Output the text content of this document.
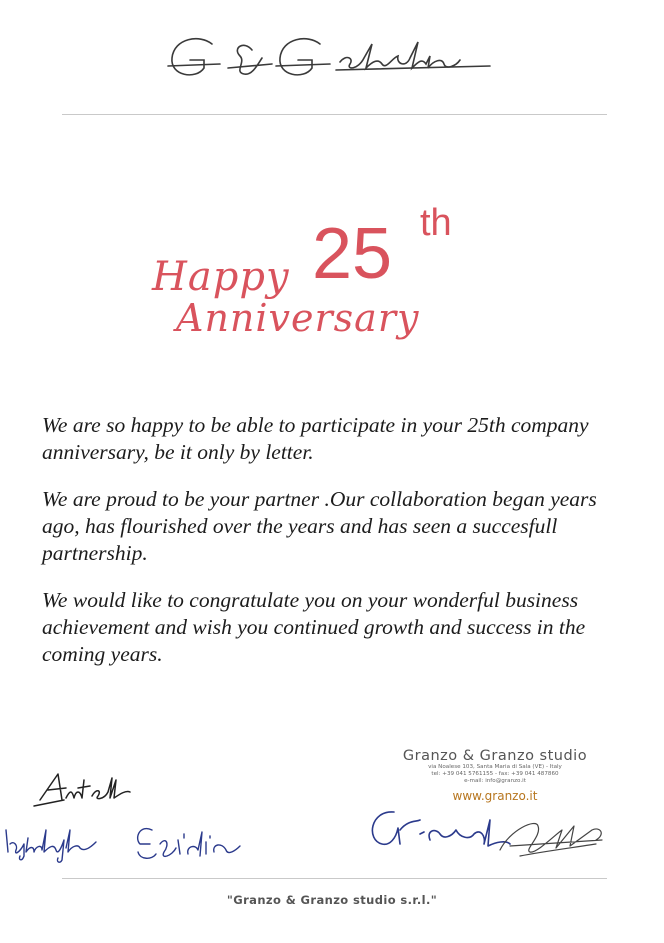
Happy 25 th
Anniversary

We are so happy to be able to participate in your 25th company anniversary, be it only by letter.

We are proud to be your partner .Our collaboration began years ago, has flourished over the years and has seen a succesfull partnership.

We would like to congratulate you on your wonderful business achievement and wish you continued growth and success in the coming years.

Granzo & Granzo studio
via Noalese 103, Santa Maria di Sala (VE) - Italy
tel: +39 041 5761155 - fax: +39 041 487860
e-mail: info@granzo.it
www.granzo.it
"Granzo & Granzo studio s.r.l."
